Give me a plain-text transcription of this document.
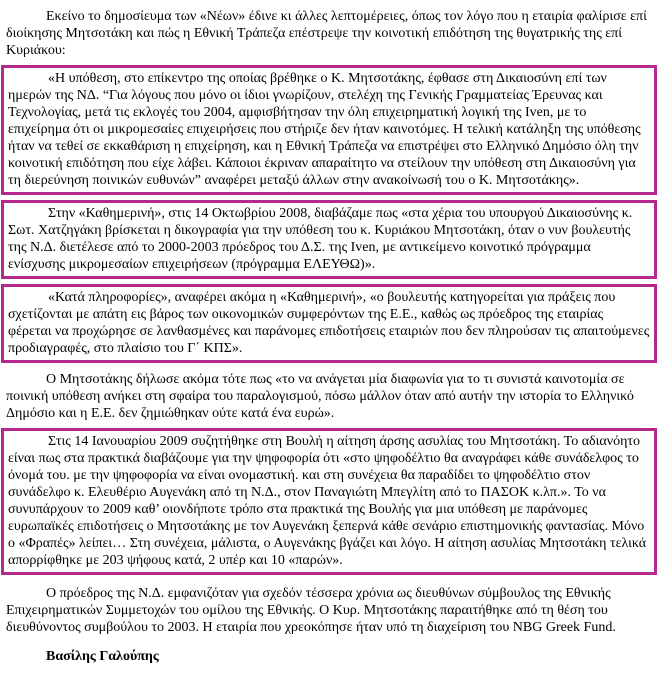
Εκείνο το δημοσίευμα των «Νέων» έδινε κι άλλες λεπτομέρειες, όπως τον λόγο που η εταιρία φαλίρισε επί διοίκησης Μητσοτάκη και πώς η Εθνική Τράπεζα επέστρεψε την κοινοτική επιδότηση της θυγατρικής της επί Κυριάκου:

«Η υπόθεση, στο επίκεντρο της οποίας βρέθηκε ο Κ. Μητσοτάκης, έφθασε στη Δικαιοσύνη επί των ημερών της ΝΔ. “Για λόγους που μόνο οι ίδιοι γνωρίζουν, στελέχη της Γενικής Γραμματείας Έρευνας και Τεχνολογίας, μετά τις εκλογές του 2004, αμφισβήτησαν την όλη επιχειρηματική λογική της Iven, με το επιχείρημα ότι οι μικρομεσαίες επιχειρήσεις που στήριζε δεν ήταν καινοτόμες. Η τελική κατάληξη της υπόθεσης ήταν να τεθεί σε εκκαθάριση η επιχείρηση, και η Εθνική Τράπεζα να επιστρέψει στο Ελληνικό Δημόσιο όλη την κοινοτική επιδότηση που είχε λάβει. Κάποιοι έκριναν απαραίτητο να στείλουν την υπόθεση στη Δικαιοσύνη για τη διερεύνηση ποινικών ευθυνών” αναφέρει μεταξύ άλλων στην ανακοίνωσή του ο Κ. Μητσοτάκης».

Στην «Καθημερινή», στις 14 Οκτωβρίου 2008, διαβάζαμε πως «στα χέρια του υπουργού Δικαιοσύνης κ. Σωτ. Χατζηγάκη βρίσκεται η δικογραφία για την υπόθεση του κ. Κυριάκου Μητσοτάκη, όταν ο νυν βουλευτής της Ν.Δ. διετέλεσε από το 2000-2003 πρόεδρος του Δ.Σ. της Iven, με αντικείμενο κοινοτικό πρόγραμμα ενίσχυσης μικρομεσαίων επιχειρήσεων (πρόγραμμα ΕΛΕΥΘΩ)».

«Κατά πληροφορίες», αναφέρει ακόμα η «Καθημερινή», «ο βουλευτής κατηγορείται για πράξεις που σχετίζονται με απάτη εις βάρος των οικονομικών συμφερόντων της Ε.Ε., καθώς ως πρόεδρος της εταιρίας φέρεται να προχώρησε σε λανθασμένες και παράνομες επιδοτήσεις εταιριών που δεν πληρούσαν τις απαιτούμενες προδιαγραφές, στο πλαίσιο του Γ΄ ΚΠΣ».

Ο Μητσοτάκης δήλωσε ακόμα τότε πως «το να ανάγεται μία διαφωνία για το τι συνιστά καινοτομία σε ποινική υπόθεση ανήκει στη σφαίρα του παραλογισμού, πόσω μάλλον όταν από αυτήν την ιστορία το Ελληνικό Δημόσιο και η Ε.Ε. δεν ζημιώθηκαν ούτε κατά ένα ευρώ».

Στις 14 Ιανουαρίου 2009 συζητήθηκε στη Βουλή η αίτηση άρσης ασυλίας του Μητσοτάκη. Το αδιανόητο είναι πως στα πρακτικά διαβάζουμε για την ψηφοφορία ότι «στο ψηφοδέλτιο θα αναγράφει κάθε συνάδελφος το όνομά του. με την ψηφοφορία να είναι ονομαστική. και στη συνέχεια θα παραδίδει το ψηφοδέλτιο στον συνάδελφο κ. Ελευθέριο Αυγενάκη από τη Ν.Δ., στον Παναγιώτη Μπεγλίτη από το ΠΑΣΟΚ κ.λπ.». Το να συνυπάρχουν το 2009 καθ’ οιονδήποτε τρόπο στα πρακτικά της Βουλής για μια υπόθεση με παράνομες ευρωπαϊκές επιδοτήσεις ο Μητσοτάκης με τον Αυγενάκη ξεπερνά κάθε σενάριο επιστημονικής φαντασίας. Μόνο ο «Φραπές» λείπει… Στη συνέχεια, μάλιστα, ο Αυγενάκης βγάζει και λόγο. Η αίτηση ασυλίας Μητσοτάκη τελικά απορρίφθηκε με 203 ψήφους κατά, 2 υπέρ και 10 «παρών».

Ο πρόεδρος της Ν.Δ. εμφανιζόταν για σχεδόν τέσσερα χρόνια ως διευθύνων σύμβουλος της Εθνικής Επιχειρηματικών Συμμετοχών του ομίλου της Εθνικής. Ο Κυρ. Μητσοτάκης παραιτήθηκε από τη θέση του διευθύνοντος συμβούλου το 2003. Η εταιρία που χρεοκόπησε ήταν υπό τη διαχείριση του NBG Greek Fund.

Βασίλης Γαλούπης
